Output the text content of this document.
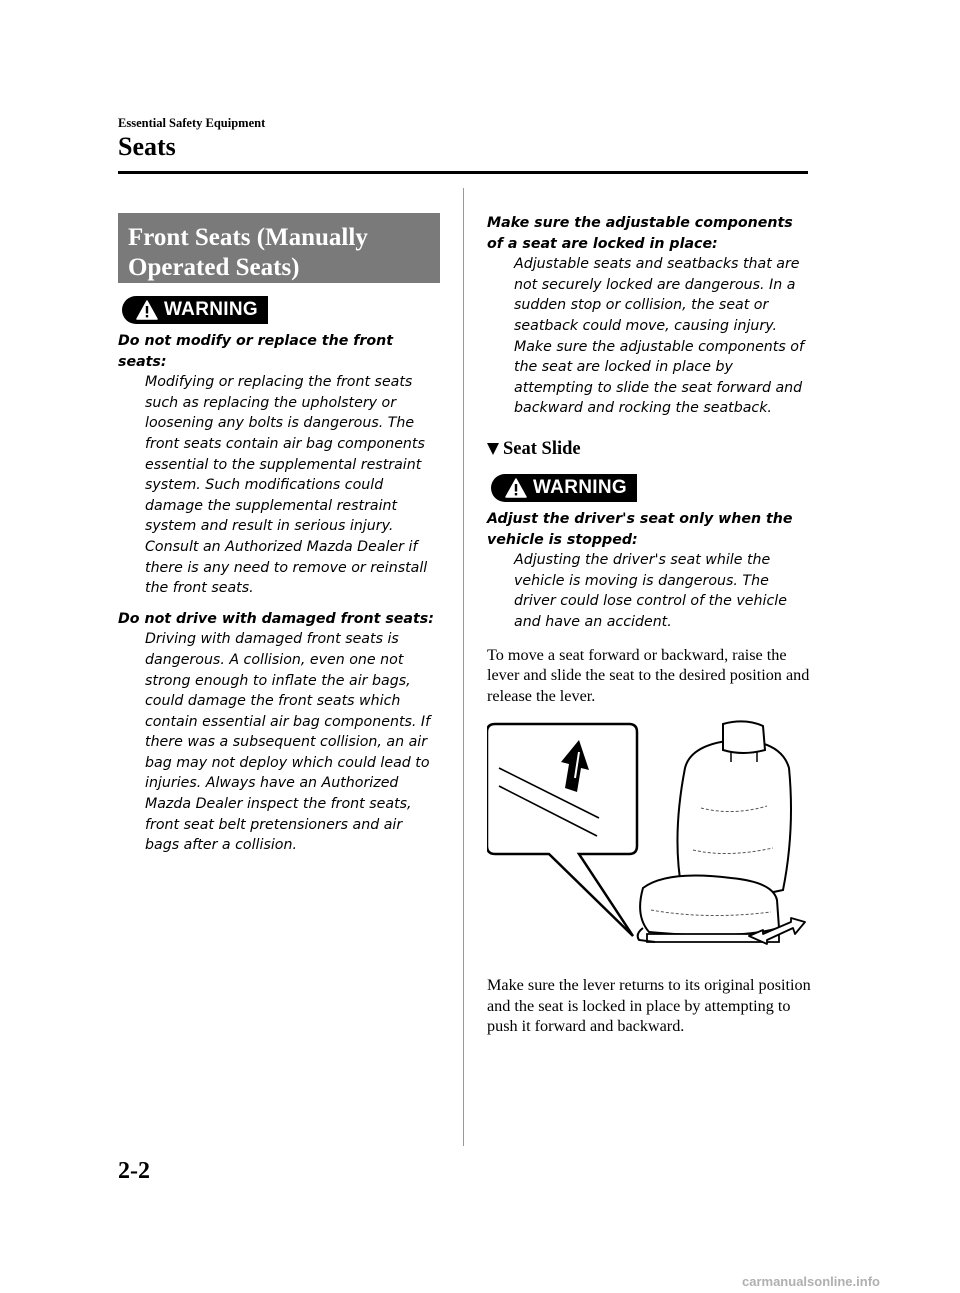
Essential Safety Equipment
Seats
Front Seats (Manually
Operated Seats)
WARNING
Do not modify or replace the front seats:
Modifying or replacing the front seats such as replacing the upholstery or loosening any bolts is dangerous. The front seats contain air bag components essential to the supplemental restraint system. Such modifications could damage the supplemental restraint system and result in serious injury. Consult an Authorized Mazda Dealer if there is any need to remove or reinstall the front seats.
Do not drive with damaged front seats:
Driving with damaged front seats is dangerous. A collision, even one not strong enough to inflate the air bags, could damage the front seats which contain essential air bag components. If there was a subsequent collision, an air bag may not deploy which could lead to injuries. Always have an Authorized Mazda Dealer inspect the front seats, front seat belt pretensioners and air bags after a collision.
Make sure the adjustable components of a seat are locked in place:
Adjustable seats and seatbacks that are not securely locked are dangerous. In a sudden stop or collision, the seat or seatback could move, causing injury. Make sure the adjustable components of the seat are locked in place by attempting to slide the seat forward and backward and rocking the seatback.
Seat Slide
WARNING
Adjust the driver's seat only when the vehicle is stopped:
Adjusting the driver's seat while the vehicle is moving is dangerous. The driver could lose control of the vehicle and have an accident.
To move a seat forward or backward, raise the lever and slide the seat to the desired position and release the lever.
Make sure the lever returns to its original position and the seat is locked in place by attempting to push it forward and backward.
2-2
carmanualsonline.info
